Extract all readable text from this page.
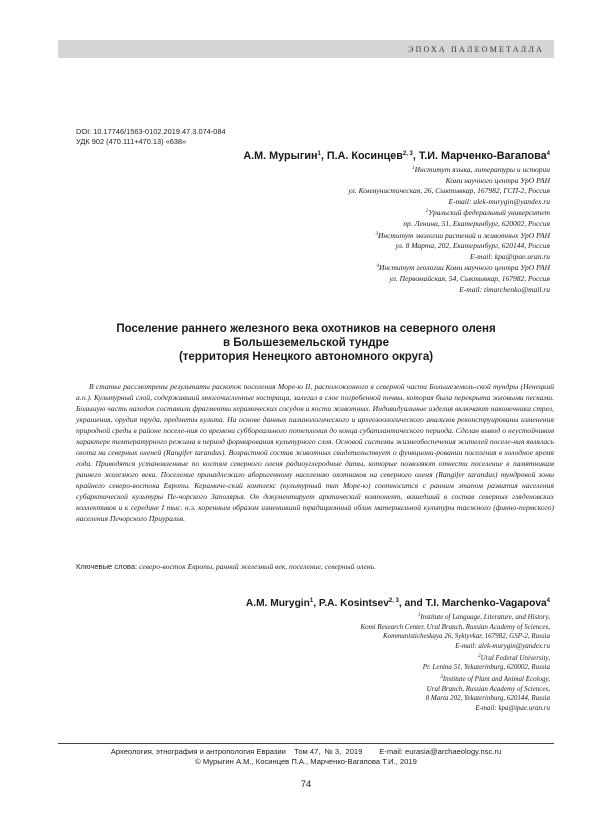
ЭПОХА ПАЛЕОМЕТАЛЛА
DOI: 10.17746/1563-0102.2019.47.3.074-084
УДК 902 (470.111+470.13) «638»
А.М. Мурыгин$^1$, П.А. Косинцев$^{2, 3}$, Т.И. Марченко-Вагапова$^4$
$^1$Институт языка, литературы и истории
Коми научного центра УрО РАН
ул. Коммунистическая, 26, Сыктывкар, 167982, ГСП-2, Россия
E-mail: alek-murygin@yandex.ru
$^2$Уральский федеральный университет
пр. Ленина, 51, Екатеринбург, 620002, Россия
$^3$Институт экологии растений и животных УрО РАН
ул. 8 Марта, 202, Екатеринбург, 620144, Россия
E-mail: kpa@ipae.uran.ru
$^4$Институт геологии Коми научного центра УрО РАН
ул. Первомайская, 54, Сыктывкар, 167982, Россия
E-mail: timarchenko@mail.ru
Поселение раннего железного века охотников на северного оленя
в Большеземельской тундре
(территория Ненецкого автономного округа)

В статье рассмотрены результаты раскопок поселения Море-ю II, расположенного в северной части Большеземель-ской тундры (Ненецкий а.о.). Культурный слой, содержавший многочисленные кострища, залегал в слое погребенной почвы, которая была перекрыта эоловыми песками. Большую часть находок составили фрагменты керамических сосудов и кости животных. Индивидуальные изделия включают наконечники стрел, украшения, орудия труда, предметы культа. На основе данных палинологического и археозоологического анализов реконструированы изменения природной среды в районе поселе-ния со времени суббореального потепления до конца субатлантического периода. Сделан вывод о неустойчивом характере температурного режима в период формирования культурного слоя. Основой системы жизнеобеспечения жителей поселе-ния являлась охота на северных оленей (Rangifer tarandus). Возрастной состав животных свидетельствует о функциони-ровании поселения в холодное время года. Приводятся установленные по костям северного оленя радиоуглеродные даты, которые позволяют отнести поселение к памятникам раннего железного века. Поселение принадлежало аборигенному населению охотников на северного оленя (Rangifer tarandus) тундровой зоны крайнего северо-востока Европы. Керамиче-ский комплекс (культурный тип Море-ю) соотносится с ранним этапом развития населения субарктической культуры Пе-чорского Заполярья. Он документирует арктический компонент, вошедший в состав северных гляденовских коллективов и к середине I тыс. н.э. коренным образом изменивший традиционный облик материальной культуры таежного (финно-пермского) населения Печорского Приуралья.

Ключевые слова: северо-восток Европы, ранний железный век, поселение, северный олень.
A.M. Murygin$^1$, P.A. Kosintsev$^{2, 3}$, and T.I. Marchenko-Vagapova$^4$
$^1$Institute of Language, Literature, and History,
Komi Research Center, Ural Branch, Russian Academy of Sciences,
Kommunisticheskaya 26, Syktyvkar, 167982, GSP-2, Russia
E-mail: alek-murygin@yandex.ru
$^2$Ural Federal University,
Pr. Lenina 51, Yekaterinburg, 620002, Russia
$^3$Institute of Plant and Animal Ecology,
Ural Branch, Russian Academy of Sciences,
8 Marta 202, Yekaterinburg, 620144, Russia
E-mail: kpa@ipae.uran.ru
Археология, этнография и антропология Евразии    Том 47,  № 3,  2019        E-mail: eurasia@archaeology.nsc.ru
© Мурыгин А.М., Косинцев П.А., Марченко-Вагапова Т.И., 2019
74
